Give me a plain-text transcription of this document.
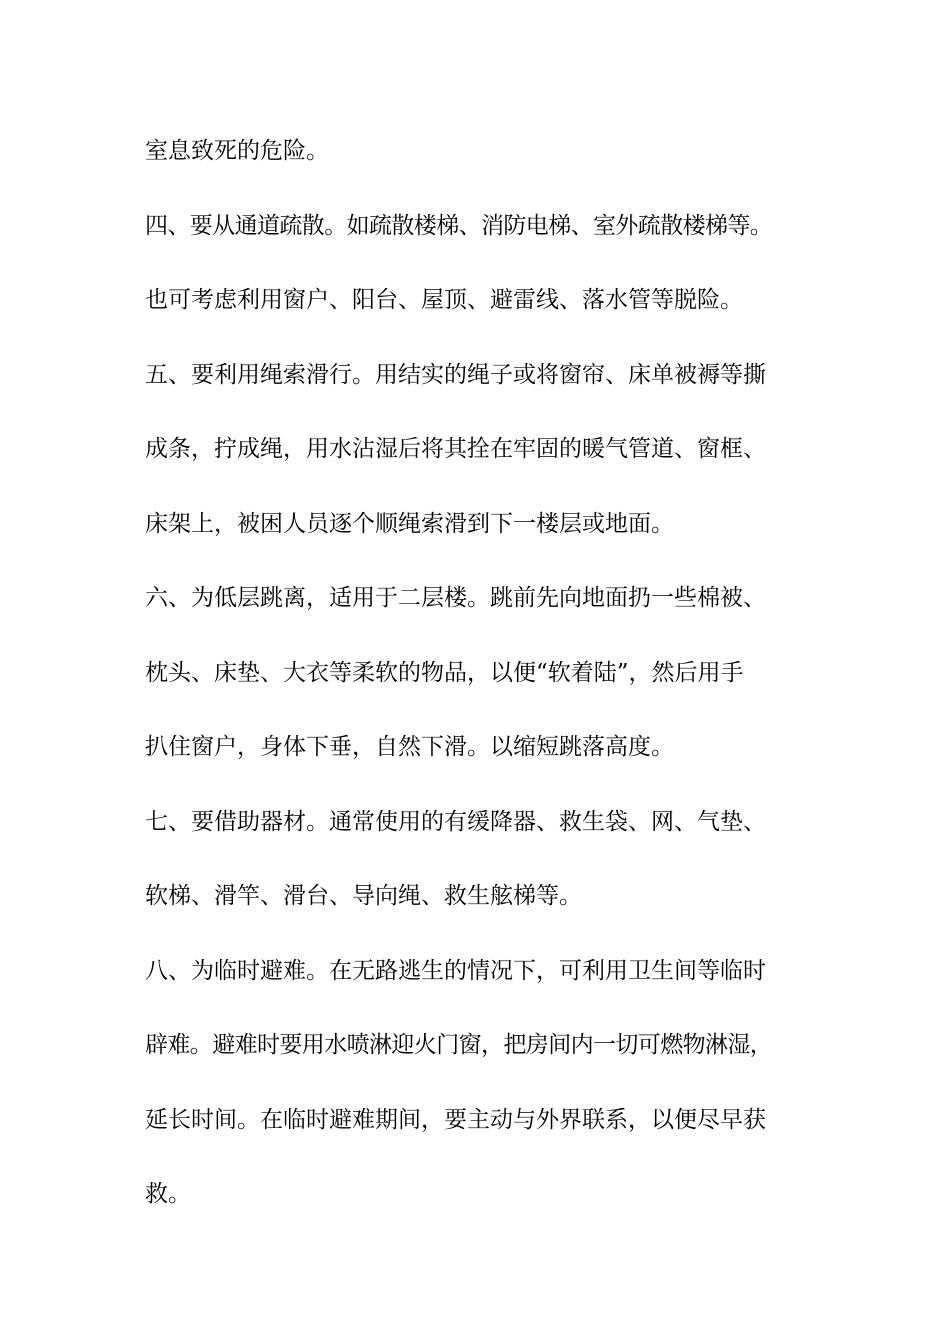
室息致死的危险。
四、要从通道疏散。如疏散楼梯、消防电梯、室外疏散楼梯等。
也可考虑利用窗户、阳台、屋顶、避雷线、落水管等脱险。
五、要利用绳索滑行。用结实的绳子或将窗帘、床单被褥等撕
成条，拧成绳，用水沾湿后将其拴在牢固的暖气管道、窗框、
床架上，被困人员逐个顺绳索滑到下一楼层或地面。
六、为低层跳离，适用于二层楼。跳前先向地面扔一些棉被、
枕头、床垫、大衣等柔软的物品，以便“软着陆”，然后用手
扒住窗户，身体下垂，自然下滑。以缩短跳落高度。
七、要借助器材。通常使用的有缓降器、救生袋、网、气垫、
软梯、滑竿、滑台、导向绳、救生舷梯等。
八、为临时避难。在无路逃生的情况下，可利用卫生间等临时
辟难。避难时要用水喷淋迎火门窗，把房间内一切可燃物淋湿，
延长时间。在临时避难期间，要主动与外界联系，以便尽早获
救。
